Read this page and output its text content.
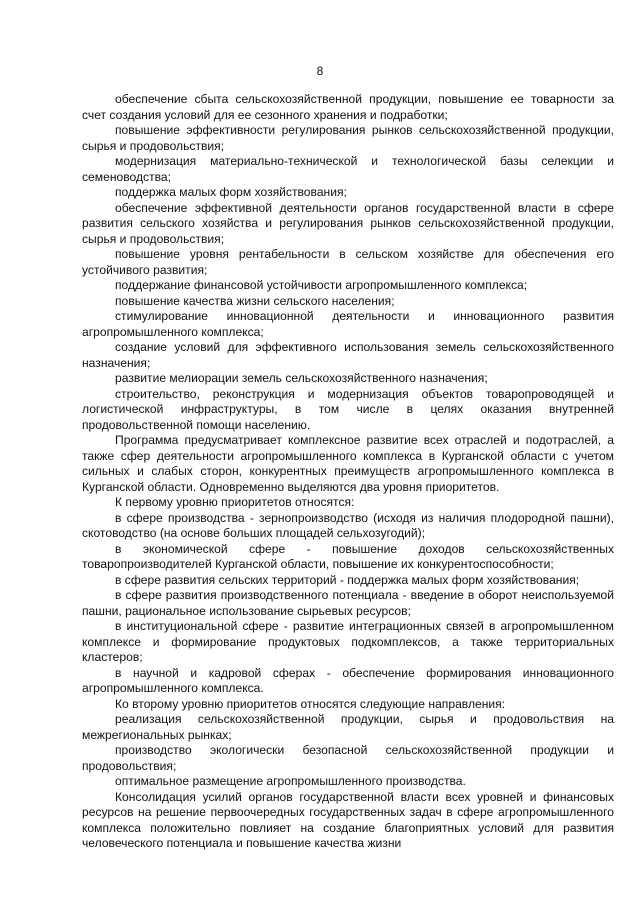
8

обеспечение сбыта сельскохозяйственной продукции, повышение ее товарности за счет создания условий для ее сезонного хранения и подработки;

повышение эффективности регулирования рынков сельскохозяйственной продукции, сырья и продовольствия;

модернизация материально-технической и технологической базы селекции и семеноводства;

поддержка малых форм хозяйствования;

обеспечение эффективной деятельности органов государственной власти в сфере развития сельского хозяйства и регулирования рынков сельскохозяйственной продукции, сырья и продовольствия;

повышение уровня рентабельности в сельском хозяйстве для обеспечения его устойчивого развития;

поддержание финансовой устойчивости агропромышленного комплекса;

повышение качества жизни сельского населения;

стимулирование инновационной деятельности и инновационного развития агропромышленного комплекса;

создание условий для эффективного использования земель сельскохозяйственного назначения;

развитие мелиорации земель сельскохозяйственного назначения;

строительство, реконструкция и модернизация объектов товаропроводящей и логистической инфраструктуры, в том числе в целях оказания внутренней продовольственной помощи населению.

Программа предусматривает комплексное развитие всех отраслей и подотраслей, а также сфер деятельности агропромышленного комплекса в Курганской области с учетом сильных и слабых сторон, конкурентных преимуществ агропромышленного комплекса в Курганской области. Одновременно выделяются два уровня приоритетов.

К первому уровню приоритетов относятся:

в сфере производства - зернопроизводство (исходя из наличия плодородной пашни), скотоводство (на основе больших площадей сельхозугодий);

в экономической сфере - повышение доходов сельскохозяйственных товаропроизводителей Курганской области, повышение их конкурентоспособности;

в сфере развития сельских территорий - поддержка малых форм хозяйствования;

в сфере развития производственного потенциала - введение в оборот неиспользуемой пашни, рациональное использование сырьевых ресурсов;

в институциональной сфере - развитие интеграционных связей в агропромышленном комплексе и формирование продуктовых подкомплексов, а также территориальных кластеров;

в научной и кадровой сферах - обеспечение формирования инновационного агропромышленного комплекса.

Ко второму уровню приоритетов относятся следующие направления:

реализация сельскохозяйственной продукции, сырья и продовольствия на межрегиональных рынках;

производство экологически безопасной сельскохозяйственной продукции и продовольствия;

оптимальное размещение агропромышленного производства.

Консолидация усилий органов государственной власти всех уровней и финансовых ресурсов на решение первоочередных государственных задач в сфере агропромышленного комплекса положительно повлияет на создание благоприятных условий для развития человеческого потенциала и повышение качества жизни
